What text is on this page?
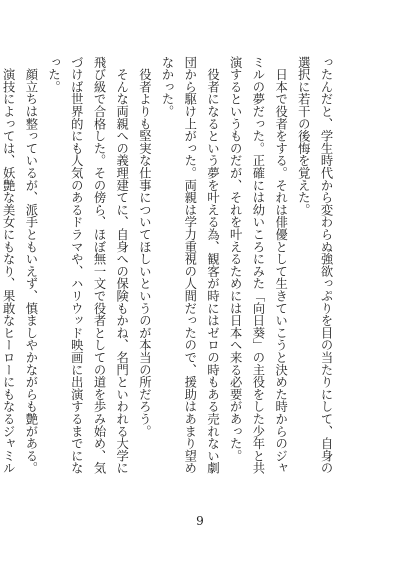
ったんだと、学生時代から変わらぬ強欲っぷりを目の当たりにして、自身の選択に若干の後悔を覚えた。

　日本で役者をする。それは俳優として生きていこうと決めた時からのジャミルの夢だった。正確には幼いころにみた「向日葵」の主役をした少年と共演するというものだが、それを叶えるためには日本へ来る必要があった。

　役者になるという夢を叶える為、観客が時にはゼロの時もある売れない劇団から駆け上がった。両親は学力重視の人間だったので、援助はあまり望めなかった。

　役者よりも堅実な仕事についてほしいというのが本当の所だろう。

　そんな両親への義理建てに、自身への保険もかね、名門といわれる大学に飛び級で合格した。その傍ら、ほぼ無一文で役者としての道を歩み始め、気づけば世界的にも人気のあるドラマや、ハリウッド映画に出演するまでになった。

　顔立ちは整っているが、派手ともいえず、慎ましやかながらも艶がある。

　演技によっては、妖艶な美女にもなり、果敢なヒーローにもなるジャミル

9
